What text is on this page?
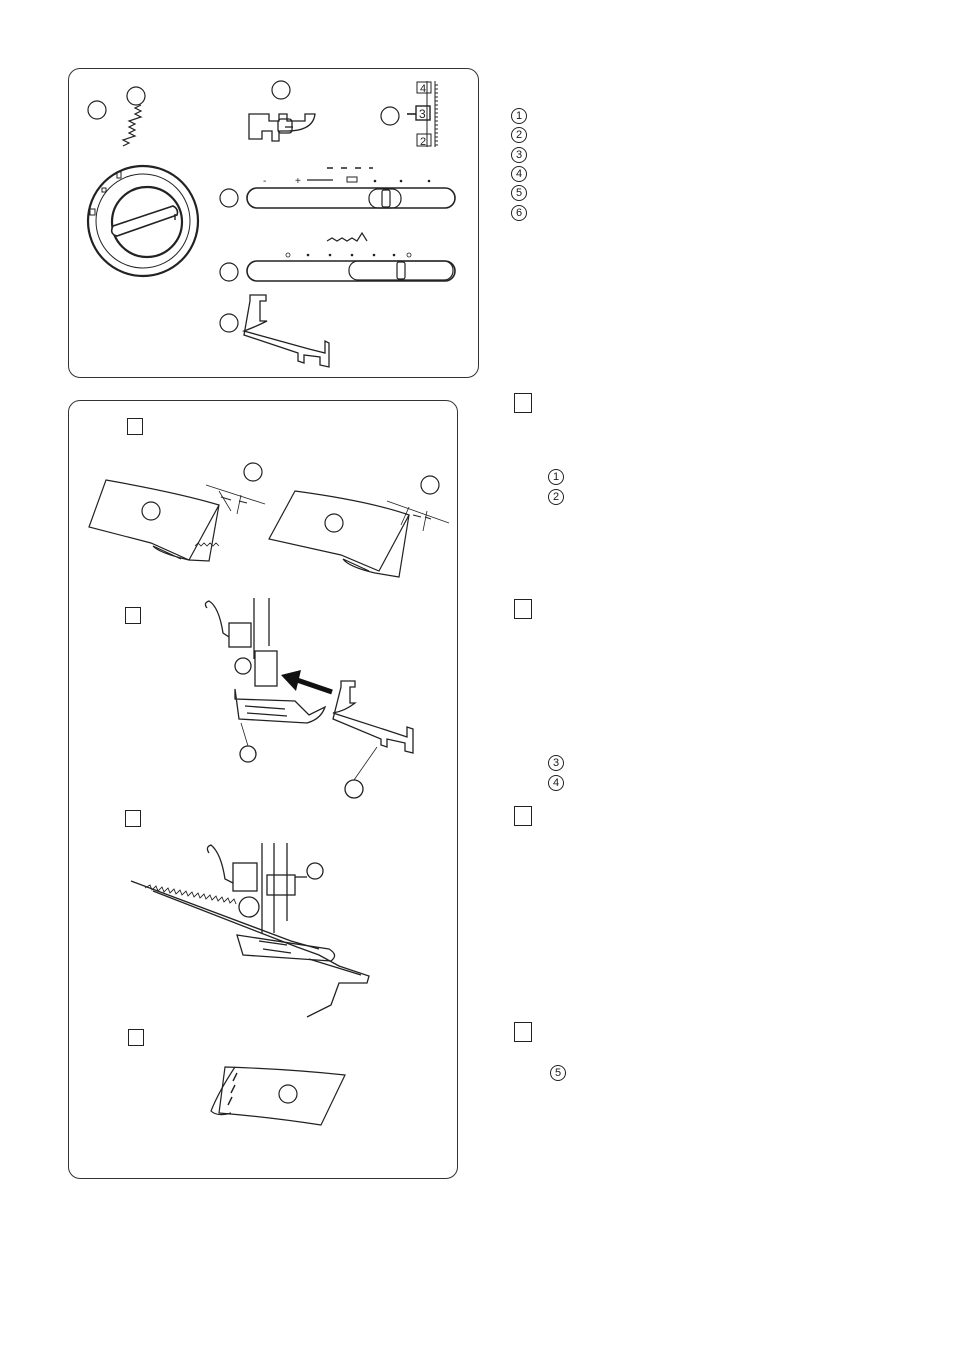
4
3
2
-	+
1
2
3
4
5
6
1
2
3
4
5
